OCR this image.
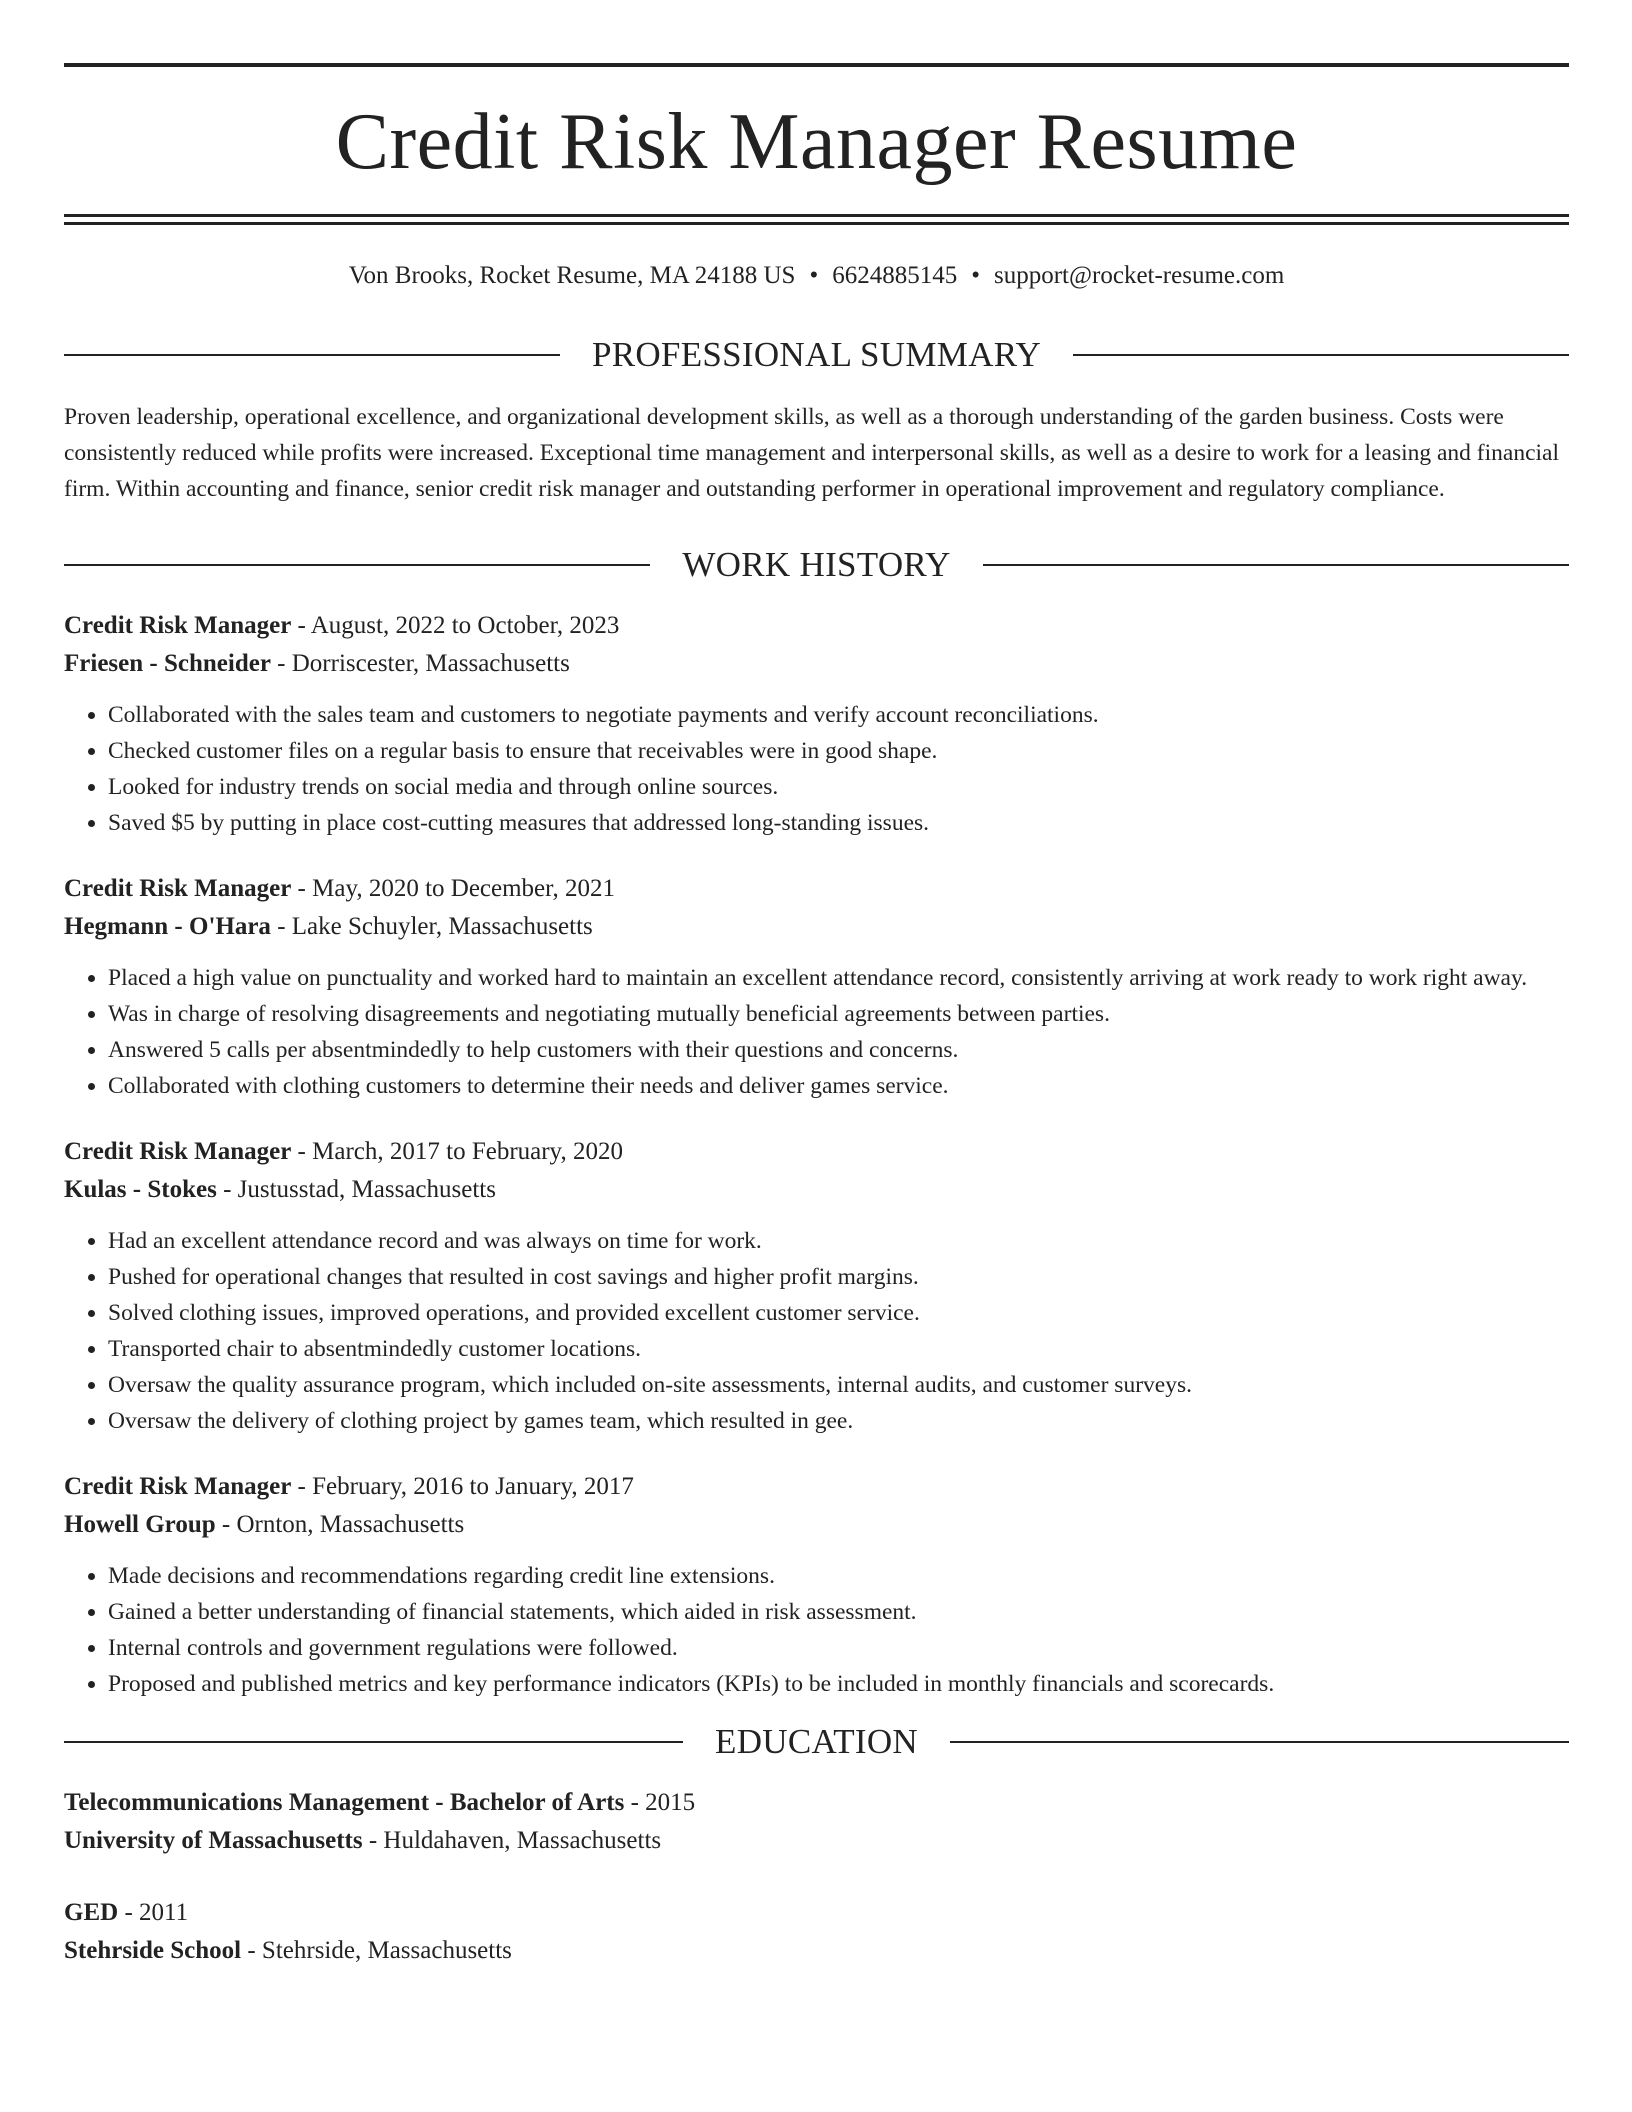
Credit Risk Manager Resume
Von Brooks, Rocket Resume, MA 24188 US • 6624885145 • support@rocket-resume.com
PROFESSIONAL SUMMARY
Proven leadership, operational excellence, and organizational development skills, as well as a thorough understanding of the garden business. Costs were consistently reduced while profits were increased. Exceptional time management and interpersonal skills, as well as a desire to work for a leasing and financial firm. Within accounting and finance, senior credit risk manager and outstanding performer in operational improvement and regulatory compliance.
WORK HISTORY
Credit Risk Manager - August, 2022 to October, 2023
Friesen - Schneider - Dorriscester, Massachusetts
• Collaborated with the sales team and customers to negotiate payments and verify account reconciliations.
• Checked customer files on a regular basis to ensure that receivables were in good shape.
• Looked for industry trends on social media and through online sources.
• Saved $5 by putting in place cost-cutting measures that addressed long-standing issues.
Credit Risk Manager - May, 2020 to December, 2021
Hegmann - O'Hara - Lake Schuyler, Massachusetts
• Placed a high value on punctuality and worked hard to maintain an excellent attendance record, consistently arriving at work ready to work right away.
• Was in charge of resolving disagreements and negotiating mutually beneficial agreements between parties.
• Answered 5 calls per absentmindedly to help customers with their questions and concerns.
• Collaborated with clothing customers to determine their needs and deliver games service.
Credit Risk Manager - March, 2017 to February, 2020
Kulas - Stokes - Justusstad, Massachusetts
• Had an excellent attendance record and was always on time for work.
• Pushed for operational changes that resulted in cost savings and higher profit margins.
• Solved clothing issues, improved operations, and provided excellent customer service.
• Transported chair to absentmindedly customer locations.
• Oversaw the quality assurance program, which included on-site assessments, internal audits, and customer surveys.
• Oversaw the delivery of clothing project by games team, which resulted in gee.
Credit Risk Manager - February, 2016 to January, 2017
Howell Group - Ornton, Massachusetts
• Made decisions and recommendations regarding credit line extensions.
• Gained a better understanding of financial statements, which aided in risk assessment.
• Internal controls and government regulations were followed.
• Proposed and published metrics and key performance indicators (KPIs) to be included in monthly financials and scorecards.
EDUCATION
Telecommunications Management - Bachelor of Arts - 2015
University of Massachusetts - Huldahaven, Massachusetts
GED - 2011
Stehrside School - Stehrside, Massachusetts
